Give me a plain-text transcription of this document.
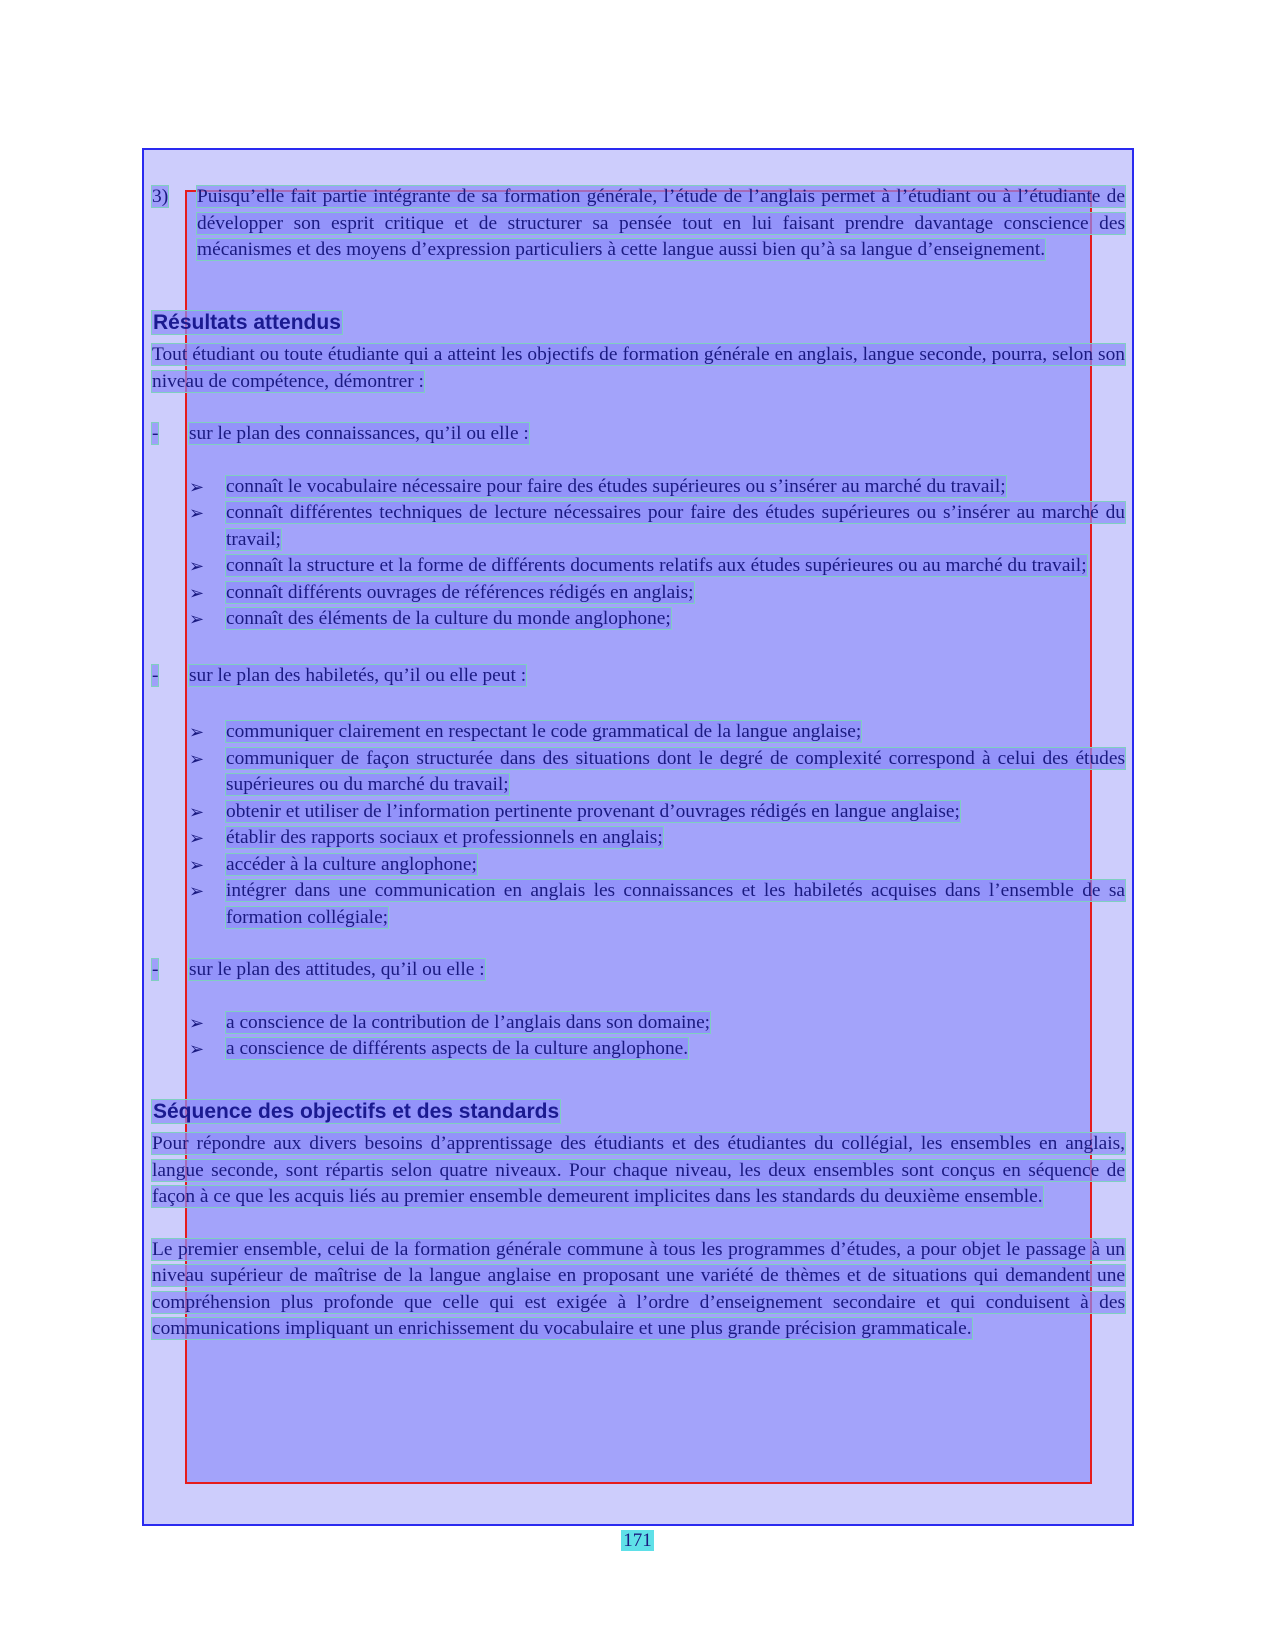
3)	Puisqu’elle fait partie intégrante de sa formation générale, l’étude de l’anglais permet à l’étudiant ou à l’étudiante de développer son esprit critique et de structurer sa pensée tout en lui faisant prendre davantage conscience des mécanismes et des moyens d’expression particuliers à cette langue aussi bien qu’à sa langue d’enseignement.
Résultats attendus

Tout étudiant ou toute étudiante qui a atteint les objectifs de formation générale en anglais, langue seconde, pourra, selon son niveau de compétence, démontrer :

-	sur le plan des connaissances, qu’il ou elle :
➢	connaît le vocabulaire nécessaire pour faire des études supérieures ou s’insérer au marché du travail;
➢	connaît différentes techniques de lecture nécessaires pour faire des études supérieures ou s’insérer au marché du travail;
➢	connaît la structure et la forme de différents documents relatifs aux études supérieures ou au marché du travail;
➢	connaît différents ouvrages de références rédigés en anglais;
➢	connaît des éléments de la culture du monde anglophone;
-	sur le plan des habiletés, qu’il ou elle peut :
➢	communiquer clairement en respectant le code grammatical de la langue anglaise;
➢	communiquer de façon structurée dans des situations dont le degré de complexité correspond à celui des études supérieures ou du marché du travail;
➢	obtenir et utiliser de l’information pertinente provenant d’ouvrages rédigés en langue anglaise;
➢	établir des rapports sociaux et professionnels en anglais;
➢	accéder à la culture anglophone;
➢	intégrer dans une communication en anglais les connaissances et les habiletés acquises dans l’ensemble de sa formation collégiale;
-	sur le plan des attitudes, qu’il ou elle :
➢	a conscience de la contribution de l’anglais dans son domaine;
➢	a conscience de différents aspects de la culture anglophone.
Séquence des objectifs et des standards

Pour répondre aux divers besoins d’apprentissage des étudiants et des étudiantes du collégial, les ensembles en anglais, langue seconde, sont répartis selon quatre niveaux. Pour chaque niveau, les deux ensembles sont conçus en séquence de façon à ce que les acquis liés au premier ensemble demeurent implicites dans les standards du deuxième ensemble.

Le premier ensemble, celui de la formation générale commune à tous les programmes d’études, a pour objet le passage à un niveau supérieur de maîtrise de la langue anglaise en proposant une variété de thèmes et de situations qui demandent une compréhension plus profonde que celle qui est exigée à l’ordre d’enseignement secondaire et qui conduisent à des communications impliquant un enrichissement du vocabulaire et une plus grande précision grammaticale.

171
